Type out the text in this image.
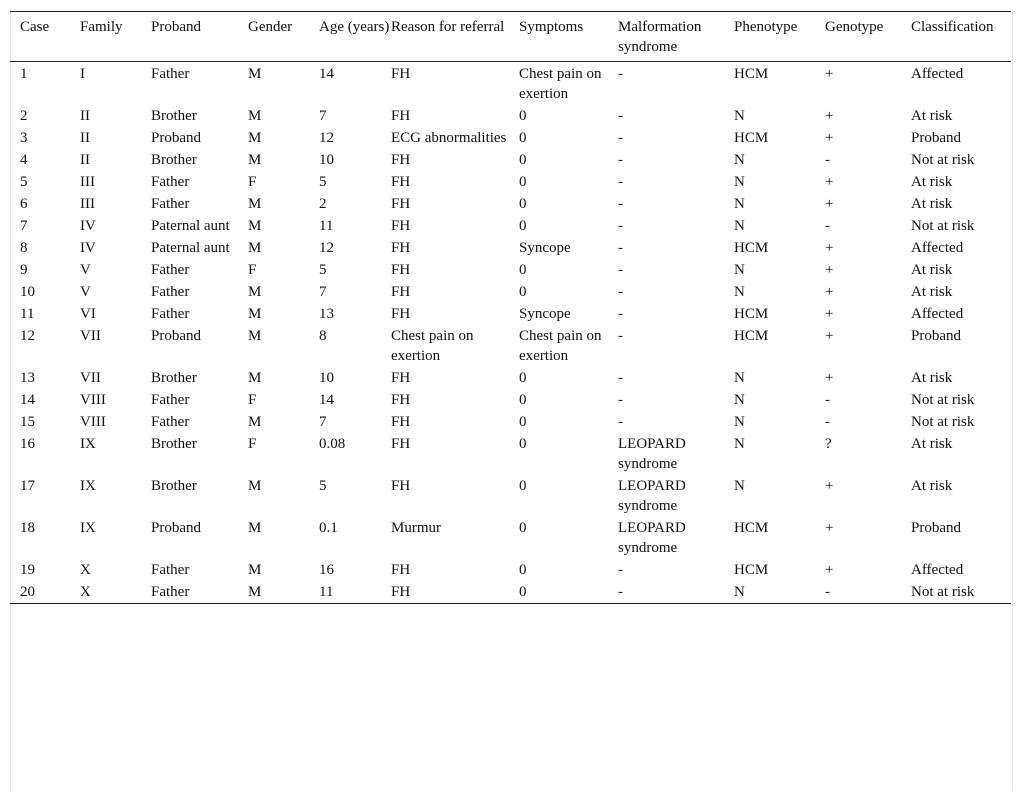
Case	Family	Proband	Gender	Age (years)	Reason for referral	Symptoms	Malformation syndrome	Phenotype	Genotype	Classification
1	I	Father	M	14	FH	Chest pain on exertion	-	HCM	+	Affected
2	II	Brother	M	7	FH	0	-	N	+	At risk
3	II	Proband	M	12	ECG abnormalities	0	-	HCM	+	Proband
4	II	Brother	M	10	FH	0	-	N	-	Not at risk
5	III	Father	F	5	FH	0	-	N	+	At risk
6	III	Father	M	2	FH	0	-	N	+	At risk
7	IV	Paternal aunt	M	11	FH	0	-	N	-	Not at risk
8	IV	Paternal aunt	M	12	FH	Syncope	-	HCM	+	Affected
9	V	Father	F	5	FH	0	-	N	+	At risk
10	V	Father	M	7	FH	0	-	N	+	At risk
11	VI	Father	M	13	FH	Syncope	-	HCM	+	Affected
12	VII	Proband	M	8	Chest pain on exertion	Chest pain on exertion	-	HCM	+	Proband
13	VII	Brother	M	10	FH	0	-	N	+	At risk
14	VIII	Father	F	14	FH	0	-	N	-	Not at risk
15	VIII	Father	M	7	FH	0	-	N	-	Not at risk
16	IX	Brother	F	0.08	FH	0	LEOPARD syndrome	N	?	At risk
17	IX	Brother	M	5	FH	0	LEOPARD syndrome	N	+	At risk
18	IX	Proband	M	0.1	Murmur	0	LEOPARD syndrome	HCM	+	Proband
19	X	Father	M	16	FH	0	-	HCM	+	Affected
20	X	Father	M	11	FH	0	-	N	-	Not at risk
